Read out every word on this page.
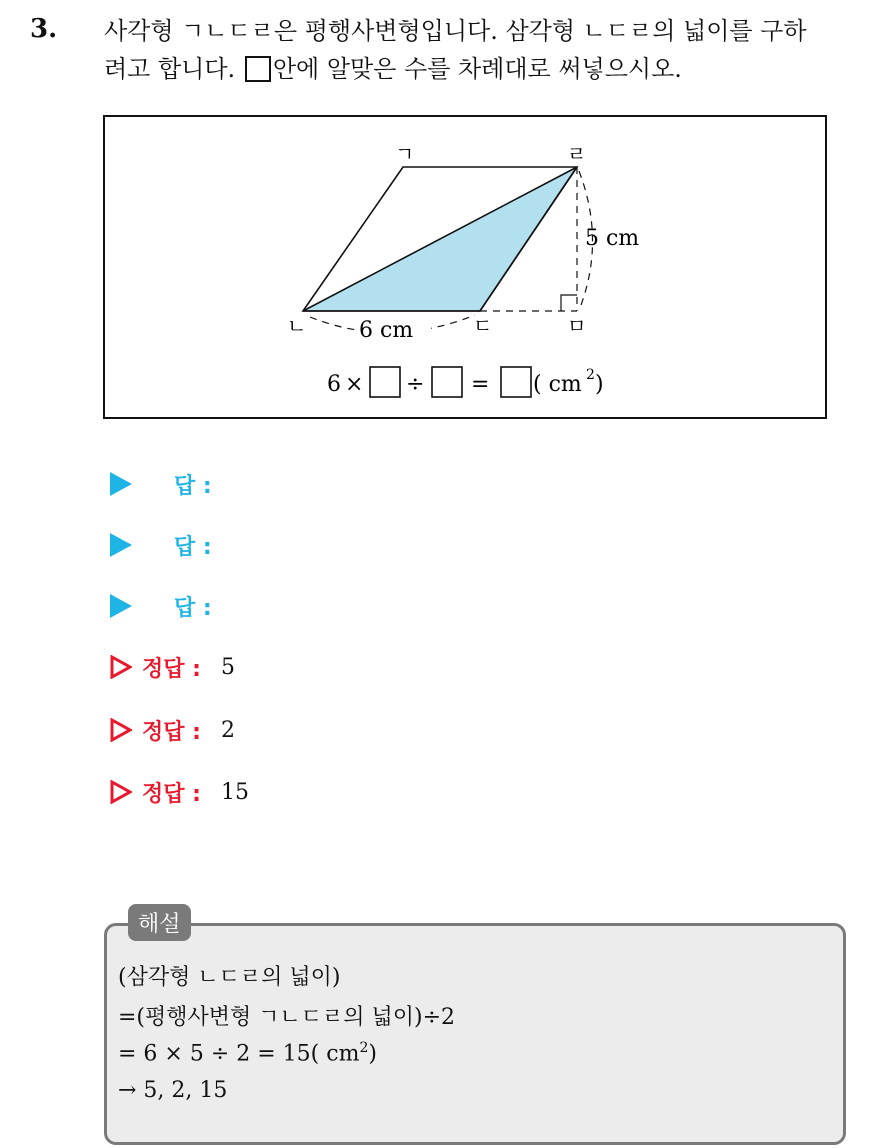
3. 사각형 ㄱㄴㄷㄹ은 평행사변형입니다. 삼각형 ㄴㄷㄹ의 넓이를 구하
려고 합니다. 안에 알맞은 수를 차례대로 써넣으시오.
ㄱ	ㄹ
ㄴ	ㄷ	ㅁ
5 cm
6 cm
6 × ÷ = ( cm 2 )
답 :
답 :
답 :
정답 : 5
정답 : 2
정답 : 15
해설
(삼각형 ㄴㄷㄹ의 넓이)
=(평행사변형 ㄱㄴㄷㄹ의 넓이)÷2
= 6 × 5 ÷ 2 = 15( $cm^2$)
→ 5, 2, 15
